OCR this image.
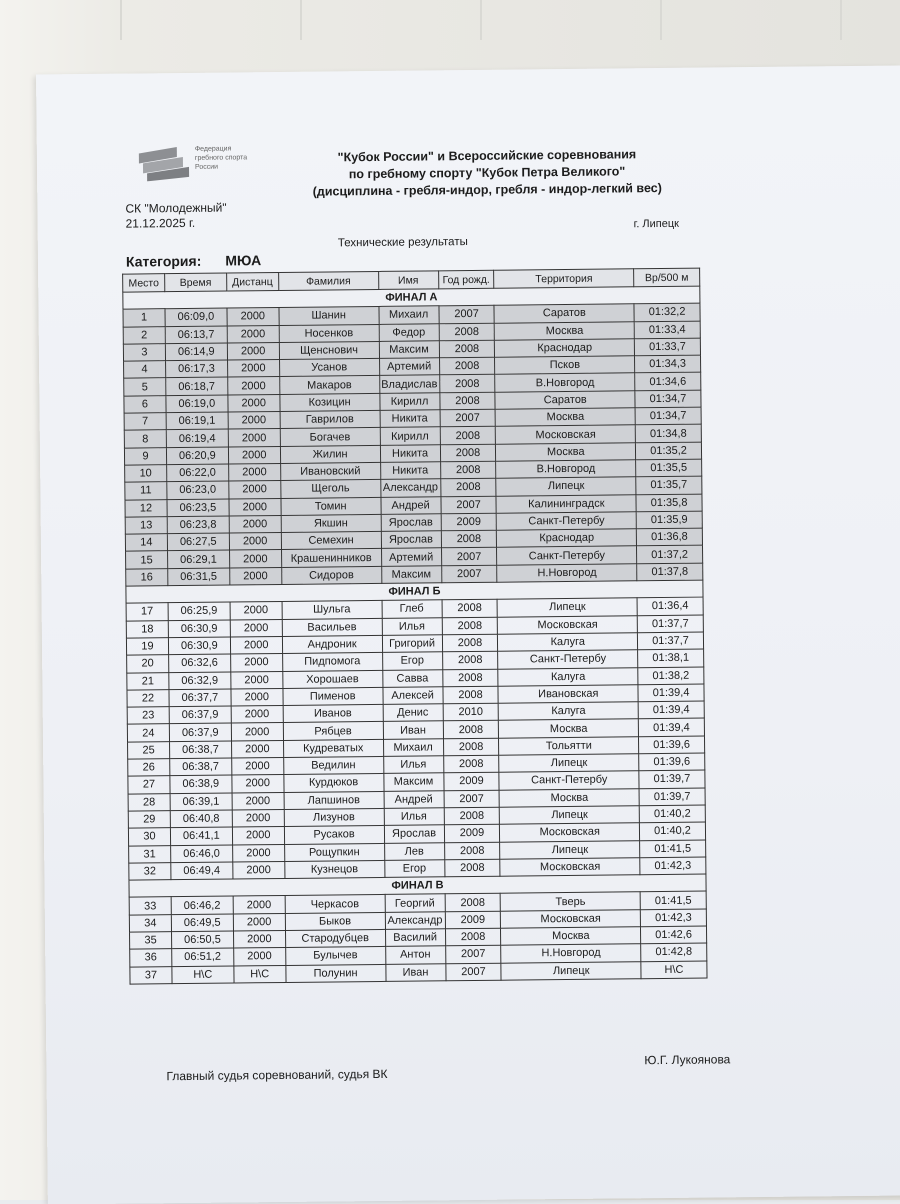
Федерация
гребного спорта
России
"Кубок России" и Всероссийские соревнования
по гребному спорту "Кубок Петра Великого"
(дисциплина - гребля-индор, гребля - индор-легкий вес)
СК "Молодежный"
21.12.2025 г.	г. Липецк
Технические результаты
Категория: МЮА
Место	Время	Дистанц	Фамилия	Имя	Год рожд.	Территория	Вр/500 м
ФИНАЛ А							
1	06:09,0	2000	Шанин	Михаил	2007	Саратов	01:32,2
2	06:13,7	2000	Носенков	Федор	2008	Москва	01:33,4
3	06:14,9	2000	Щенснович	Максим	2008	Краснодар	01:33,7
4	06:17,3	2000	Усанов	Артемий	2008	Псков	01:34,3
5	06:18,7	2000	Макаров	Владислав	2008	В.Новгород	01:34,6
6	06:19,0	2000	Козицин	Кирилл	2008	Саратов	01:34,7
7	06:19,1	2000	Гаврилов	Никита	2007	Москва	01:34,7
8	06:19,4	2000	Богачев	Кирилл	2008	Московская	01:34,8
9	06:20,9	2000	Жилин	Никита	2008	Москва	01:35,2
10	06:22,0	2000	Ивановский	Никита	2008	В.Новгород	01:35,5
11	06:23,0	2000	Щеголь	Александр	2008	Липецк	01:35,7
12	06:23,5	2000	Томин	Андрей	2007	Калининградск	01:35,8
13	06:23,8	2000	Якшин	Ярослав	2009	Санкт-Петербу	01:35,9
14	06:27,5	2000	Семехин	Ярослав	2008	Краснодар	01:36,8
15	06:29,1	2000	Крашенинников	Артемий	2007	Санкт-Петербу	01:37,2
16	06:31,5	2000	Сидоров	Максим	2007	Н.Новгород	01:37,8
ФИНАЛ Б							
17	06:25,9	2000	Шульга	Глеб	2008	Липецк	01:36,4
18	06:30,9	2000	Васильев	Илья	2008	Московская	01:37,7
19	06:30,9	2000	Андроник	Григорий	2008	Калуга	01:37,7
20	06:32,6	2000	Пидпомога	Егор	2008	Санкт-Петербу	01:38,1
21	06:32,9	2000	Хорошаев	Савва	2008	Калуга	01:38,2
22	06:37,7	2000	Пименов	Алексей	2008	Ивановская	01:39,4
23	06:37,9	2000	Иванов	Денис	2010	Калуга	01:39,4
24	06:37,9	2000	Рябцев	Иван	2008	Москва	01:39,4
25	06:38,7	2000	Кудреватых	Михаил	2008	Тольятти	01:39,6
26	06:38,7	2000	Ведилин	Илья	2008	Липецк	01:39,6
27	06:38,9	2000	Курдюков	Максим	2009	Санкт-Петербу	01:39,7
28	06:39,1	2000	Лапшинов	Андрей	2007	Москва	01:39,7
29	06:40,8	2000	Лизунов	Илья	2008	Липецк	01:40,2
30	06:41,1	2000	Русаков	Ярослав	2009	Московская	01:40,2
31	06:46,0	2000	Рощупкин	Лев	2008	Липецк	01:41,5
32	06:49,4	2000	Кузнецов	Егор	2008	Московская	01:42,3
ФИНАЛ В							
33	06:46,2	2000	Черкасов	Георгий	2008	Тверь	01:41,5
34	06:49,5	2000	Быков	Александр	2009	Московская	01:42,3
35	06:50,5	2000	Стародубцев	Василий	2008	Москва	01:42,6
36	06:51,2	2000	Булычев	Антон	2007	Н.Новгород	01:42,8
37	Н\С	Н\С	Полунин	Иван	2007	Липецк	Н\С
Главный судья соревнований, судья ВК
Ю.Г. Лукоянова
